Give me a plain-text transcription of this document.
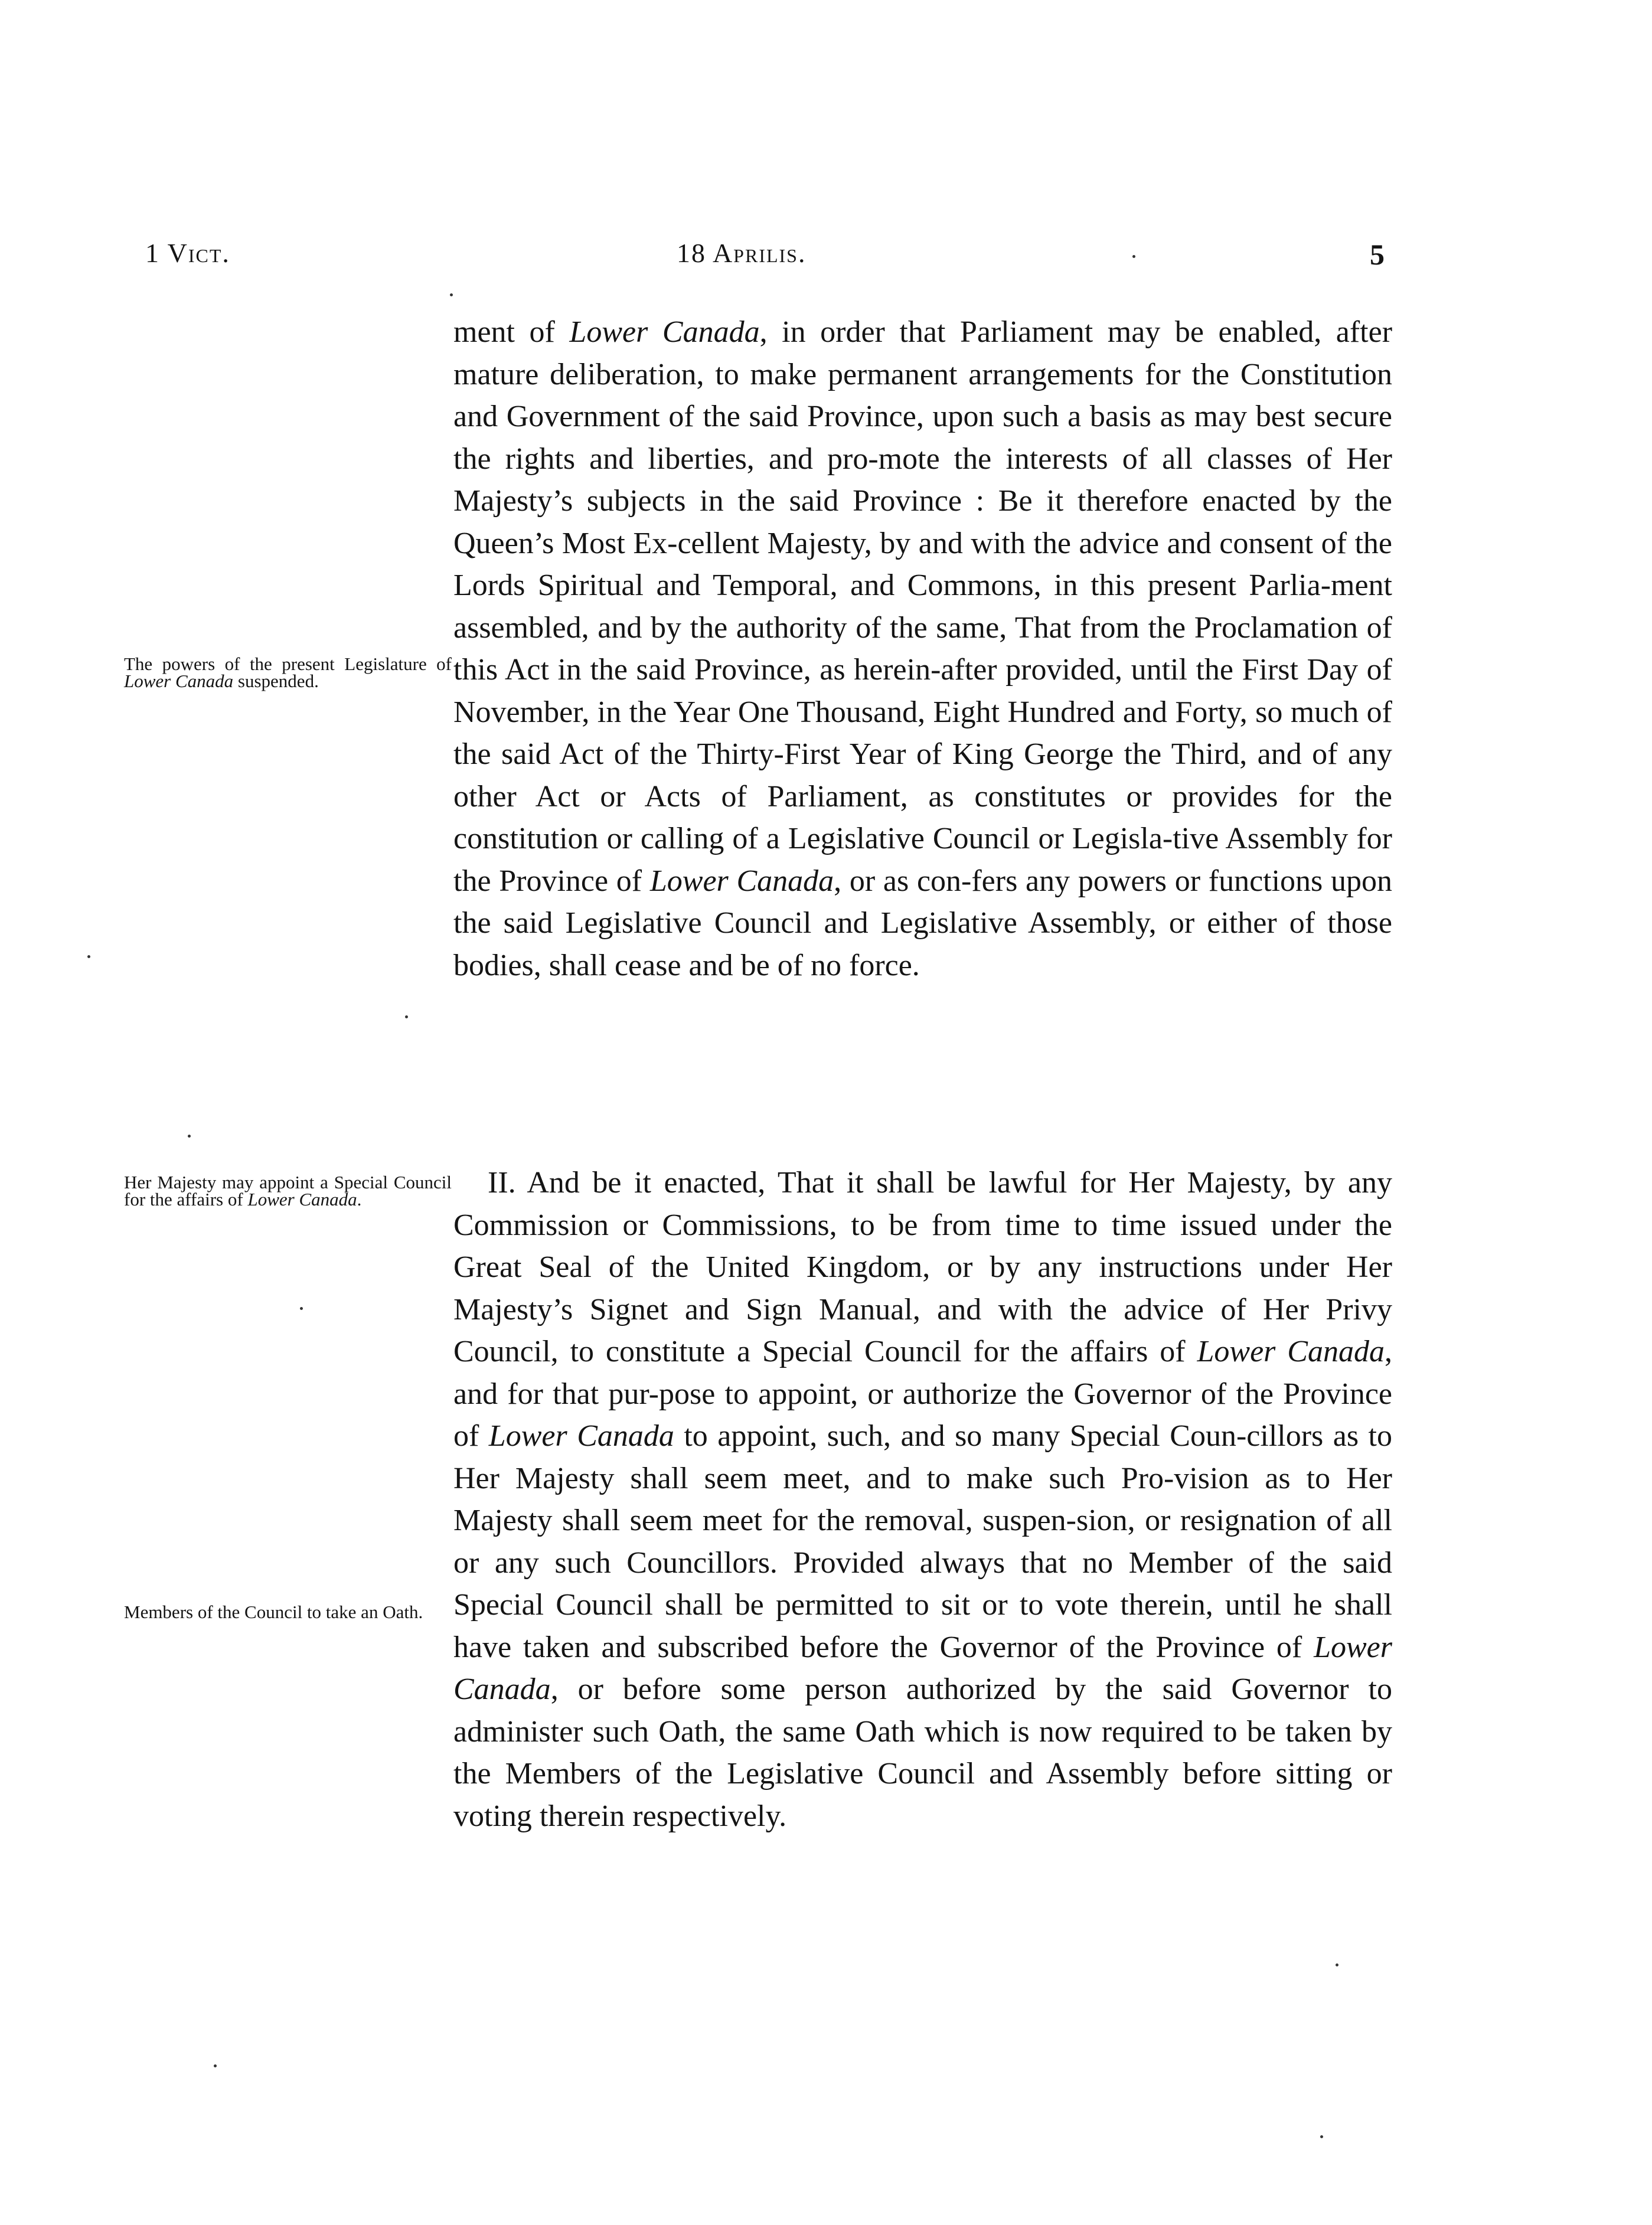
1 Vict.	18 Aprilis.	5
ment of Lower Canada, in order that Parliament may be enabled, after mature deliberation, to make permanent arrangements for the Constitution and Government of the said Province, upon such a basis as may best secure the rights and liberties, and pro-mote the interests of all classes of Her Majesty’s subjects in the said Province : Be it therefore enacted by the Queen’s Most Ex-cellent Majesty, by and with the advice and consent of the Lords Spiritual and Temporal, and Commons, in this present Parlia-ment assembled, and by the authority of the same, That from the Proclamation of this Act in the said Province, as herein-after provided, until the First Day of November, in the Year One Thousand, Eight Hundred and Forty, so much of the said Act of the Thirty-First Year of King George the Third, and of any other Act or Acts of Parliament, as constitutes or provides for the constitution or calling of a Legislative Council or Legisla-tive Assembly for the Province of Lower Canada, or as con-fers any powers or functions upon the said Legislative Council and Legislative Assembly, or either of those bodies, shall cease and be of no force.
II. And be it enacted, That it shall be lawful for Her Majesty, by any Commission or Commissions, to be from time to time issued under the Great Seal of the United Kingdom, or by any instructions under Her Majesty’s Signet and Sign Manual, and with the advice of Her Privy Council, to constitute a Special Council for the affairs of Lower Canada, and for that pur-pose to appoint, or authorize the Governor of the Province of Lower Canada to appoint, such, and so many Special Coun-cillors as to Her Majesty shall seem meet, and to make such Pro-vision as to Her Majesty shall seem meet for the removal, suspen-sion, or resignation of all or any such Councillors. Provided always that no Member of the said Special Council shall be permitted to sit or to vote therein, until he shall have taken and subscribed before the Governor of the Province of Lower Canada, or before some person authorized by the said Governor to administer such Oath, the same Oath which is now required to be taken by the Members of the Legislative Council and Assembly before sitting or voting therein respectively.
The powers of the present Legislature of Lower Canada suspended.
Her Majesty may appoint a Special Council for the affairs of Lower Canada.
Members of the Council to take an Oath.
